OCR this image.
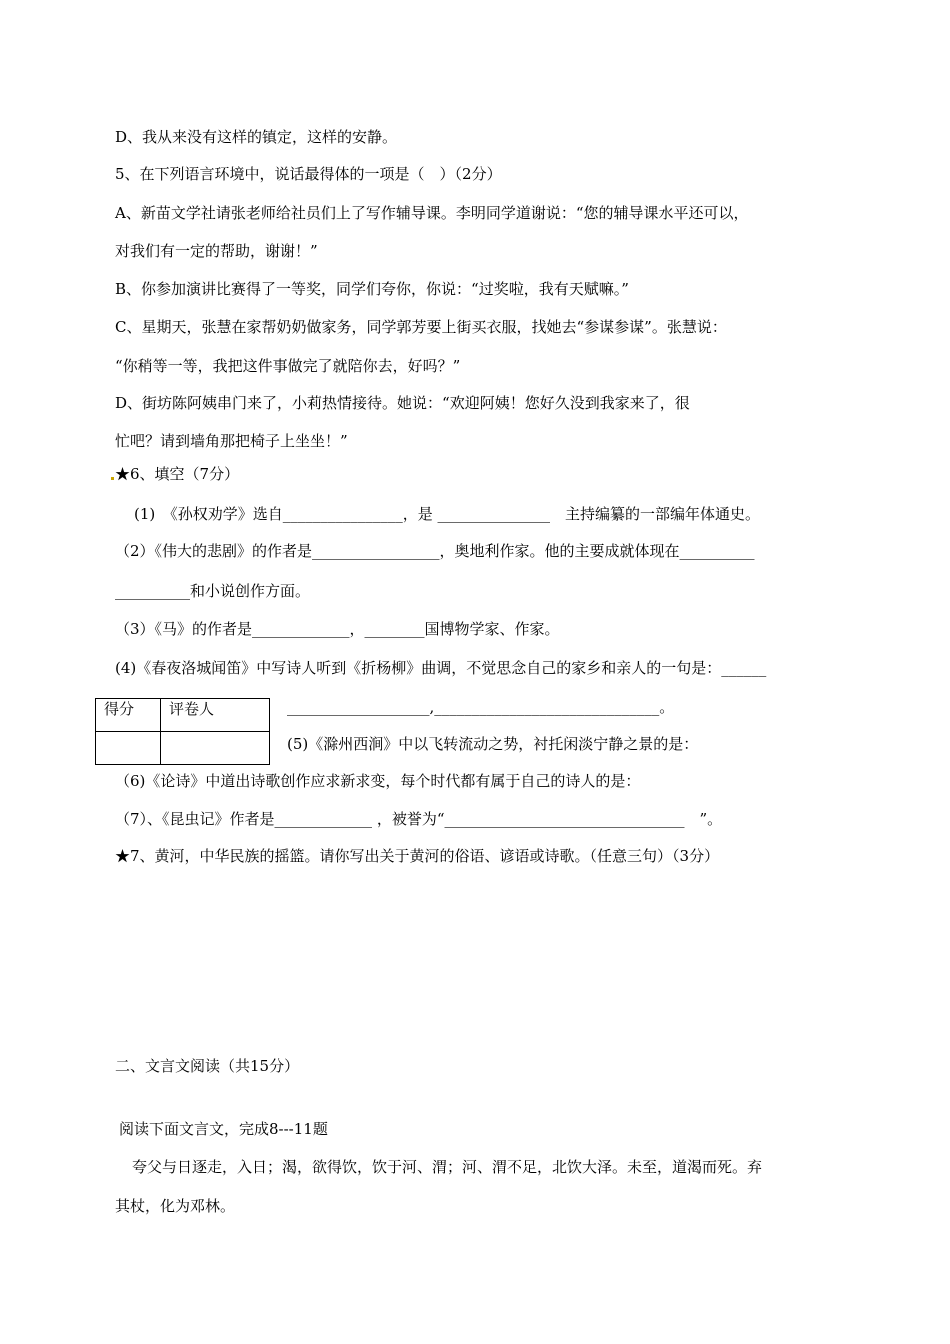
D、我从来没有这样的镇定，这样的安静。
5、在下列语言环境中，说话最得体的一项是（　）（2分）
A、新苗文学社请张老师给社员们上了写作辅导课。李明同学道谢说：“您的辅导课水平还可以，
对我们有一定的帮助，谢谢！”
B、你参加演讲比赛得了一等奖，同学们夸你，你说：“过奖啦，我有天赋嘛。”
C、星期天，张慧在家帮奶奶做家务，同学郭芳要上街买衣服，找她去“参谋参谋”。张慧说：
“你稍等一等，我把这件事做完了就陪你去，好吗？”
D、街坊陈阿姨串门来了，小莉热情接待。她说：“欢迎阿姨！您好久没到我家来了，很
忙吧？请到墙角那把椅子上坐坐！”
★6、填空（7分）
(1)　《孙权劝学》选自________________，是 _______________　主持编纂的一部编年体通史。
（2）《伟大的悲剧》的作者是_________________，奥地利作家。他的主要成就体现在__________
__________和小说创作方面。
（3）《马》的作者是_____________，________国博物学家、作家。
(4)《春夜洛城闻笛》中写诗人听到《折杨柳》曲调，不觉思念自己的家乡和亲人的一句是：______
得分	评卷人
		___________________,______________________________。
(5)《滁州西涧》中以飞转流动之势，衬托闲淡宁静之景的是：
（6)《论诗》中道出诗歌创作应求新求变，每个时代都有属于自己的诗人的是：
（7）、《昆虫记》作者是_____________ ，被誉为“________________________________　”。
★7、黄河，中华民族的摇篮。请你写出关于黄河的俗语、谚语或诗歌。（任意三句）（3分）
二、文言文阅读（共15分）
阅读下面文言文，完成8---11题
夸父与日逐走，入日；渴，欲得饮，饮于河、渭；河、渭不足，北饮大泽。未至，道渴而死。弃
其杖，化为邓林。
